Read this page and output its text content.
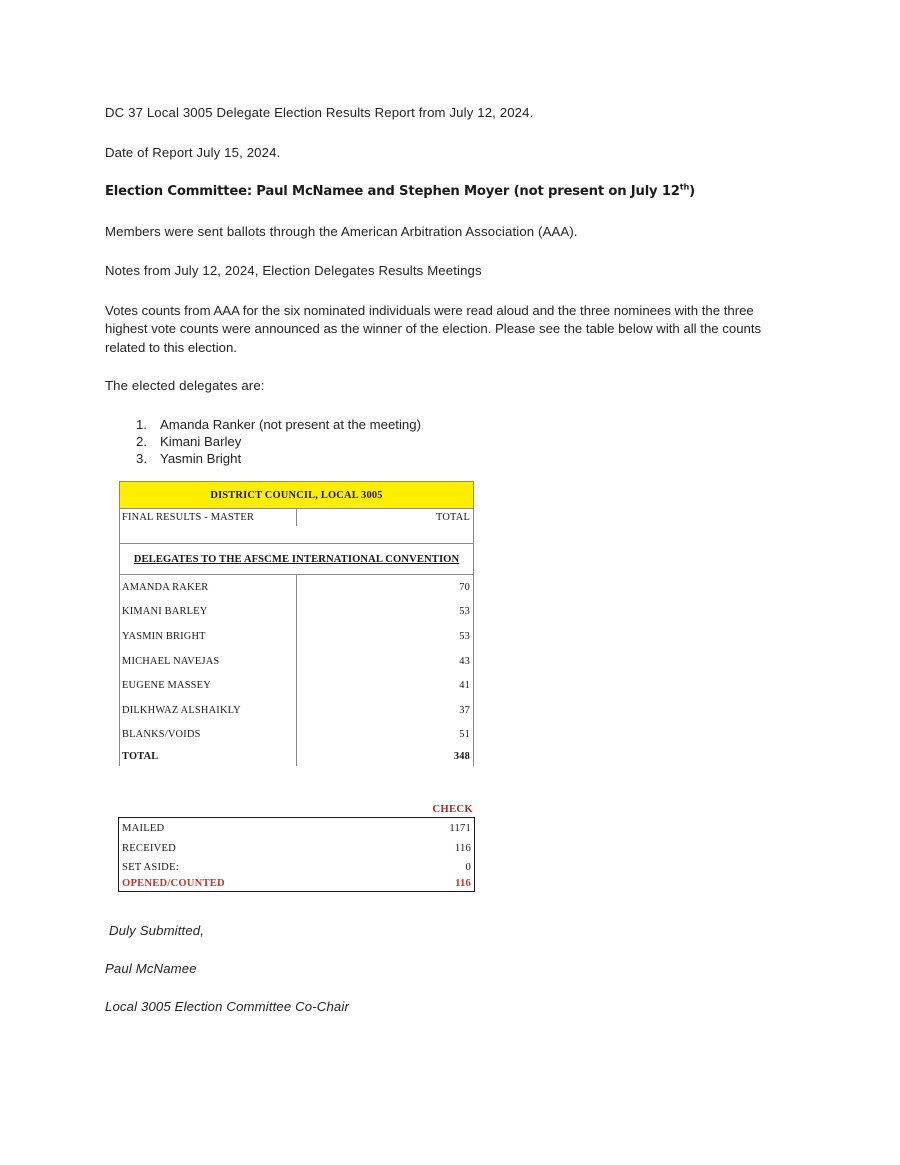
DC 37 Local 3005 Delegate Election Results Report from July 12, 2024.

Date of Report July 15, 2024.

Election Committee: Paul McNamee and Stephen Moyer (not present on July 12th)

Members were sent ballots through the American Arbitration Association (AAA).

Notes from July 12, 2024, Election Delegates Results Meetings

Votes counts from AAA for the six nominated individuals were read aloud and the three nominees with the three highest vote counts were announced as the winner of the election. Please see the table below with all the counts related to this election.

The elected delegates are:

1. Amanda Ranker (not present at the meeting)
2. Kimani Barley
3. Yasmin Bright
DISTRICT COUNCIL, LOCAL 3005	
FINAL RESULTS - MASTER	TOTAL

DELEGATES TO THE AFSCME INTERNATIONAL CONVENTION	

AMANDA RAKER	70
KIMANI BARLEY	53
YASMIN BRIGHT	53
MICHAEL NAVEJAS	43
EUGENE MASSEY	41
DILKHWAZ ALSHAIKLY	37
BLANKS/VOIDS	51
TOTAL	348
CHECK
MAILED	1171
RECEIVED	116
SET ASIDE:	0
OPENED/COUNTED	116

Duly Submitted,

Paul McNamee

Local 3005 Election Committee Co-Chair
